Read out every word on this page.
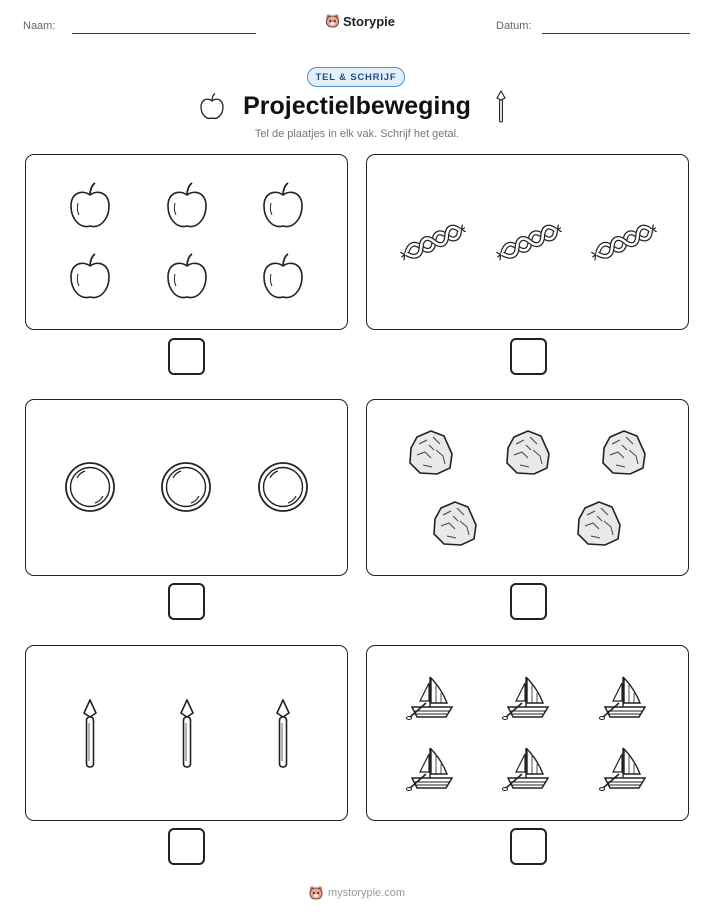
Naam:	Storypie	Datum:
TEL & SCHRIJF
Projectielbeweging
Tel de plaatjes in elk vak. Schrijf het getal.
mystorypie.com
